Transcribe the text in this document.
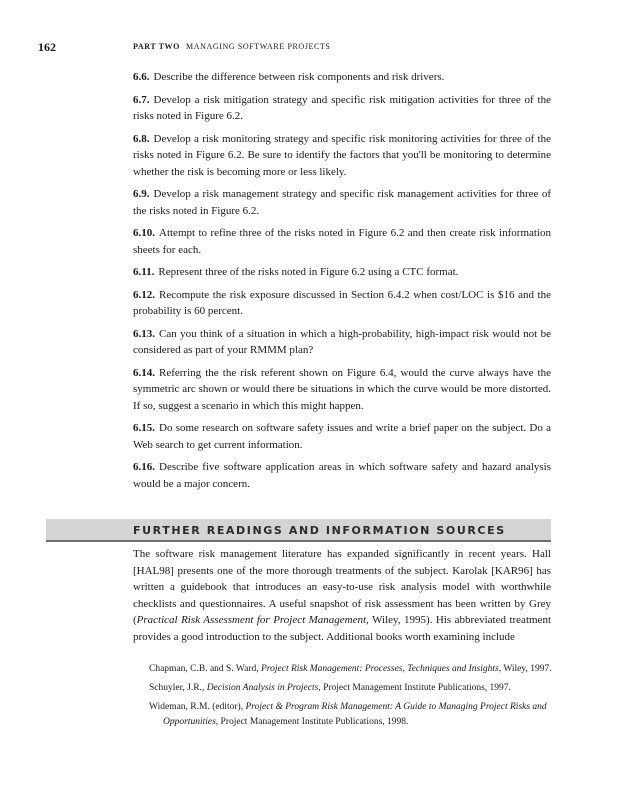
162	PART TWO MANAGING SOFTWARE PROJECTS

6.6. Describe the difference between risk components and risk drivers.

6.7. Develop a risk mitigation strategy and specific risk mitigation activities for three of the risks noted in Figure 6.2.

6.8. Develop a risk monitoring strategy and specific risk monitoring activities for three of the risks noted in Figure 6.2. Be sure to identify the factors that you'll be monitoring to determine whether the risk is becoming more or less likely.

6.9. Develop a risk management strategy and specific risk management activities for three of the risks noted in Figure 6.2.

6.10. Attempt to refine three of the risks noted in Figure 6.2 and then create risk information sheets for each.

6.11. Represent three of the risks noted in Figure 6.2 using a CTC format.

6.12. Recompute the risk exposure discussed in Section 6.4.2 when cost/LOC is $16 and the probability is 60 percent.

6.13. Can you think of a situation in which a high-probability, high-impact risk would not be considered as part of your RMMM plan?

6.14. Referring the the risk referent shown on Figure 6.4, would the curve always have the symmetric arc shown or would there be situations in which the curve would be more distorted. If so, suggest a scenario in which this might happen.

6.15. Do some research on software safety issues and write a brief paper on the subject. Do a Web search to get current information.

6.16. Describe five software application areas in which software safety and hazard analysis would be a major concern.

FURTHER READINGS AND INFORMATION SOURCES

The software risk management literature has expanded significantly in recent years. Hall [HAL98] presents one of the more thorough treatments of the subject. Karolak [KAR96] has written a guidebook that introduces an easy-to-use risk analysis model with worthwhile checklists and questionnaires. A useful snapshot of risk assessment has been written by Grey (Practical Risk Assessment for Project Management, Wiley, 1995). His abbreviated treatment provides a good introduction to the subject. Additional books worth examining include

Chapman, C.B. and S. Ward, Project Risk Management: Processes, Techniques and Insights, Wiley, 1997.

Schuyler, J.R., Decision Analysis in Projects, Project Management Institute Publications, 1997.

Wideman, R.M. (editor), Project & Program Risk Management: A Guide to Managing Project Risks and Opportunities, Project Management Institute Publications, 1998.
